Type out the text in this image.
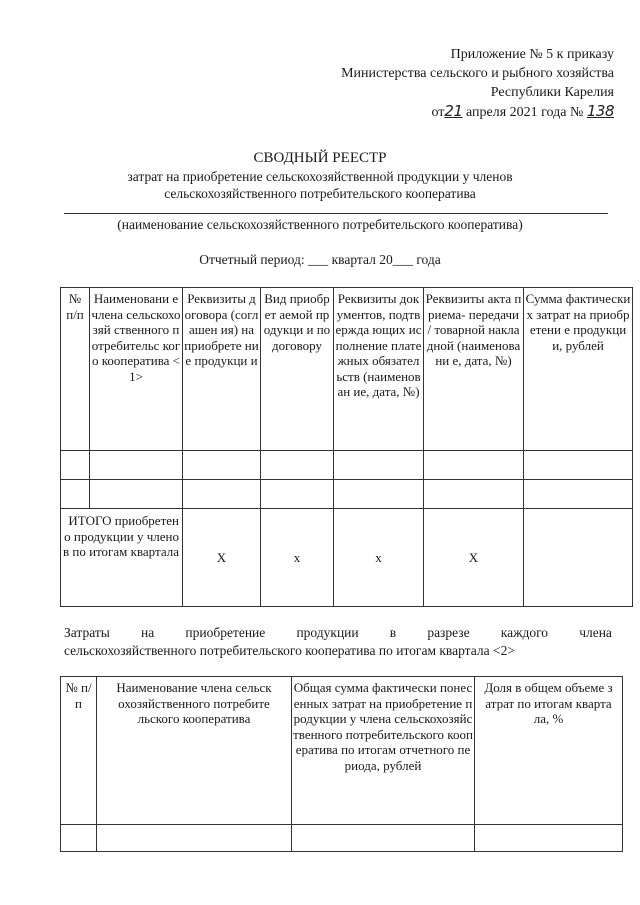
Приложение № 5 к приказу
Министерства сельского и рыбного хозяйства
Республики Карелия
от21 апреля 2021 года № 138
СВОДНЫЙ РЕЕСТР
затрат на приобретение сельскохозяйственной продукции у членов
сельскохозяйственного потребительского кооператива
(наименование сельскохозяйственного потребительского кооператива)
Отчетный период: ___ квартал 20___ года
№ п/п	Наименовани е члена сельскохозяй ственного потребительс кого кооператива <1>	Реквизиты договора (соглашен ия) на приобрете ние продукци и	Вид приобрет аемой продукци и по договору	Реквизиты документов, подтвержда ющих исполнение платежных обязательств (наименован ие, дата, №)	Реквизиты акта приема- передачи / товарной накладной (наименовани е, дата, №)	Сумма фактических затрат на приобретени е продукции, рублей

ИТОГО приобретено продукции у членов по итогам квартала		Х	х	х	Х	
Затраты на приобретение продукции в разрезе каждого члена
сельскохозяйственного потребительского кооператива по итогам квартала <2>
№ п/п	Наименование члена сельскохозяйственного потребительского кооператива	Общая сумма фактически понесенных затрат на приобретение продукции у члена сельскохозяйственного потребительского кооператива по итогам отчетного периода, рублей	Доля в общем объеме затрат по итогам квартала, %
